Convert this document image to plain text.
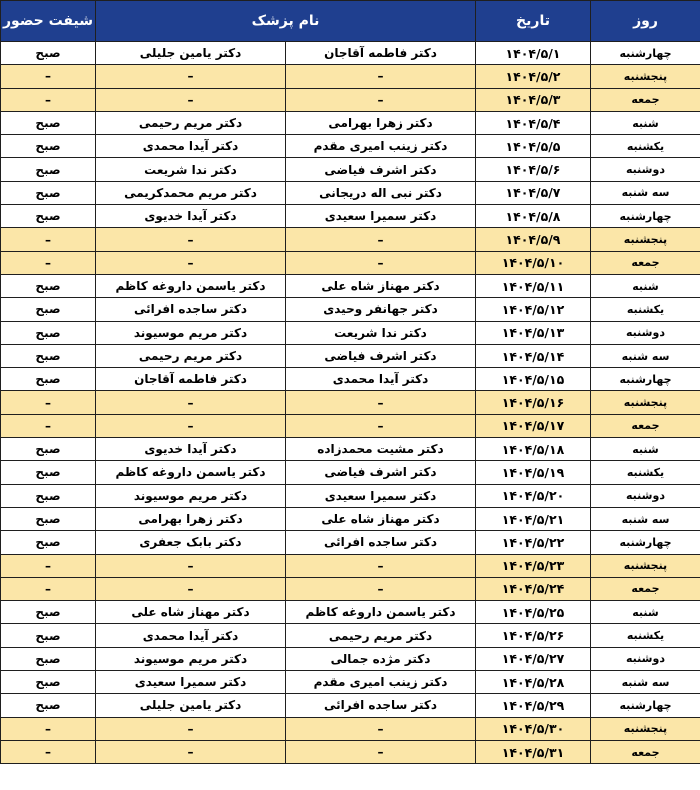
روز	تاریخ	نام پزشک		شیفت حضور
چهارشنبه	۱۴۰۴/۵/۱	دکتر فاطمه آقاجان	دکتر یامین جلیلی	صبح
پنجشنبه	۱۴۰۴/۵/۲	–	–	–
جمعه	۱۴۰۴/۵/۳	–	–	–
شنبه	۱۴۰۴/۵/۴	دکتر زهرا بهرامی	دکتر مریم رحیمی	صبح
یکشنبه	۱۴۰۴/۵/۵	دکتر زینب امیری مقدم	دکتر آیدا محمدی	صبح
دوشنبه	۱۴۰۴/۵/۶	دکتر اشرف فیاضی	دکتر ندا شریعت	صبح
سه شنبه	۱۴۰۴/۵/۷	دکتر نبی اله دریجانی	دکتر مریم محمدکریمی	صبح
چهارشنبه	۱۴۰۴/۵/۸	دکتر سمیرا سعیدی	دکتر آیدا خدیوی	صبح
پنجشنبه	۱۴۰۴/۵/۹	–	–	–
جمعه	۱۴۰۴/۵/۱۰	–	–	–
شنبه	۱۴۰۴/۵/۱۱	دکتر مهناز شاه علی	دکتر یاسمن داروغه کاظم	صبح
یکشنبه	۱۴۰۴/۵/۱۲	دکتر جهانفر وحیدی	دکتر ساجده افرائی	صبح
دوشنبه	۱۴۰۴/۵/۱۳	دکتر ندا شریعت	دکتر مریم موسیوند	صبح
سه شنبه	۱۴۰۴/۵/۱۴	دکتر اشرف فیاضی	دکتر مریم رحیمی	صبح
چهارشنبه	۱۴۰۴/۵/۱۵	دکتر آیدا محمدی	دکتر فاطمه آقاجان	صبح
پنجشنبه	۱۴۰۴/۵/۱۶	–	–	–
جمعه	۱۴۰۴/۵/۱۷	–	–	–
شنبه	۱۴۰۴/۵/۱۸	دکتر مشیت محمدزاده	دکتر آیدا خدیوی	صبح
یکشنبه	۱۴۰۴/۵/۱۹	دکتر اشرف فیاضی	دکتر یاسمن داروغه کاظم	صبح
دوشنبه	۱۴۰۴/۵/۲۰	دکتر سمیرا سعیدی	دکتر مریم موسیوند	صبح
سه شنبه	۱۴۰۴/۵/۲۱	دکتر مهناز شاه علی	دکتر زهرا بهرامی	صبح
چهارشنبه	۱۴۰۴/۵/۲۲	دکتر ساجده افرائی	دکتر بابک جعفری	صبح
پنجشنبه	۱۴۰۴/۵/۲۳	–	–	–
جمعه	۱۴۰۴/۵/۲۴	–	–	–
شنبه	۱۴۰۴/۵/۲۵	دکتر یاسمن داروغه کاظم	دکتر مهناز شاه علی	صبح
یکشنبه	۱۴۰۴/۵/۲۶	دکتر مریم رحیمی	دکتر آیدا محمدی	صبح
دوشنبه	۱۴۰۴/۵/۲۷	دکتر مژده جمالی	دکتر مریم موسیوند	صبح
سه شنبه	۱۴۰۴/۵/۲۸	دکتر زینب امیری مقدم	دکتر سمیرا سعیدی	صبح
چهارشنبه	۱۴۰۴/۵/۲۹	دکتر ساجده افرائی	دکتر یامین جلیلی	صبح
پنجشنبه	۱۴۰۴/۵/۳۰	–	–	–
جمعه	۱۴۰۴/۵/۳۱	–	–	–
